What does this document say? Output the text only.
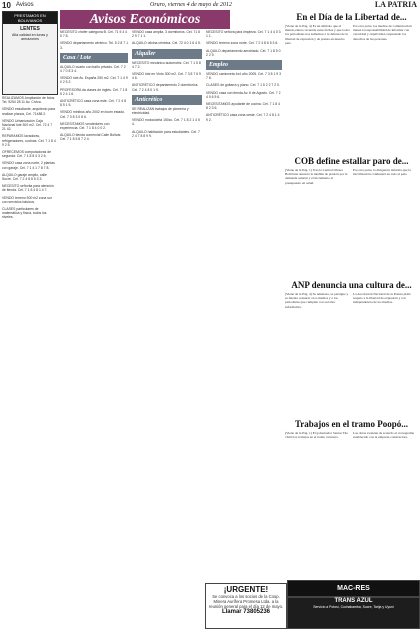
10 Avisos	Oruro, viernes 4 de mayo de 2012	LA PATRIA
Avisos Económicos
PRESTAMOS EN BOLIVIANOS
LENTES
Alta calidad en lunas y armazones
REALIZAMOS Ampliación de fotos. Tel. 5254 28 11 Av. Cívica.
VENDO estudiante, arquitecto para realizar planos, Cel. 71488 2.
VENDO Urbanización Caja Nacional lote 300 m2. Cel. 72 4 7 21 42.
REPARAMOS lavadoras, refrigeradores, cocinas. Cel. 7 1 8 4 9 2 5.
OFRECEMOS computadoras de segunda. Cel. 7 1 8 8 4 3 2 6.
VENDO casa zona norte, 2 plantas con garaje. Cel. 7 1 4 1 7 8 7 8.
ALQUILO garaje amplio, calle Sucre. Cel. 7 2 4 8 8 5 3 3.
NECESITO señorita para atención de tienda. Cel. 7 1 8 4 8 1 4 7.
VENDO terreno 500 m2 zona sur con servicios básicos.
CLASES particulares de matemática y física, todos los niveles.
NECESITO chofer categoría B. Cel. 71 5 4 4 5 7 8.
VENDO departamento céntrico. Tel. 5 2 8 7 1 3.
Casa / Lote
ALQUILO cuarto con baño privado. Cel. 7 2 4 7 0 8 3 4.
VENDO lote Av. España 250 m2. Cel. 7 1 4 9 0 2 5 2.
PROFESORA da clases de inglés. Cel. 7 1 8 5 2 4 1 6.
ANTICRÉTICO casa zona este. Cel. 7 2 4 8 8 5 1 5.
VENDO minibús año 2002 en buen estado. Cel. 7 3 8 3 0 8 6.
NECESITAMOS vendedores con experiencia. Cel. 7 1 8 4 0 0 2.
ALQUILO tienda comercial Calle Bolívar. Cel. 7 1 8 5 8 7 2 4.
VENDO casa amplia, 3 dormitorios. Cel. 71 8 2 9 7 1 1.
ALQUILO oficina céntrica. Cel. 72 4 0 1 6 4 5.
Alquiler
NECESITO mecánico automotriz. Cel. 7 1 5 8 4 7 2.
VENDO lote en Vinto 300 m2. Cel. 7 3 8 7 6 9 4 6.
ANTICRÉTICO departamento 2 dormitorios. Cel. 7 2 4 8 0 1 9.
Anticrético
SE REALIZAN trabajos de plomería y electricidad.
VENDO motocicleta 150cc. Cel. 7 1 8 2 1 4 5 4.
ALQUILO habitación para estudiantes. Cel. 7 2 4 7 8 8 9 9.
NECESITO señora para limpieza. Cel. 7 1 4 4 0 3 1 1.
VENDO terreno zona norte. Cel. 7 2 4 8 6 5 3 6.
ALQUILO departamento amoblado. Cel. 7 1 8 5 0 2 2 9.
Empleo
VENDO camioneta 4x4 año 2005. Cel. 7 3 8 1 9 3 7 6.
CLASES de guitarra y piano. Cel. 7 1 5 2 2 7 2 0.
VENDO casa con tienda Av. 6 de Agosto. Cel. 7 2 4 0 6 5 6.
NECESITAMOS ayudante de cocina. Cel. 7 1 8 4 8 2 3 6.
ANTICRÉTICO casa zona oeste. Cel. 7 2 4 8 1 4 9 2.
En el Día de la Libertad de...
(Viene de la Pág. 4) Es un símbolo que el mundo entero recuerde estas fechas y que todos los periodistas nos sumemos a la defensa de la libertad de expresión y de prensa en nuestro país.
Por otra parte, los medios de comunicación tienen la responsabilidad de informar con veracidad y objetividad, respetando los derechos de las personas.
COB define estallar paro de...
(Viene de la Pág. 1) Tras la Central Obrera Boliviana anunció la medida de presión por la demanda salarial y el incremento al presupuesto en salud.
Por otra parte, la dirigencia informó que la movilización continuará en todo el país.
ANP denuncia una cultura de...
(Viene de la Pág. 4) Se amenaza, se persigue y se intenta censurar a los medios y a los periodistas que cumplen con su labor informativa.
La Asociación Nacional de la Prensa pidió respeto a la libertad de expresión y a la independencia de los medios.
Trabajos en el tramo Poopó...
(Viene de la Pág. 1) El gobernador Santos Tito visitó los trabajos en el tramo carretero.
Las obras avanzan de acuerdo al cronograma establecido con la empresa constructora.
¡URGENTE!
Se convoca a los socios de la Coop. Minera Aurífera Promesa Ltda. a la reunión general para el día 12 de mayo.
Llamar 73805236
MAC-RES
TRANS AZUL
Servicio a Potosí, Cochabamba, Sucre, Tarija y Uyuni
